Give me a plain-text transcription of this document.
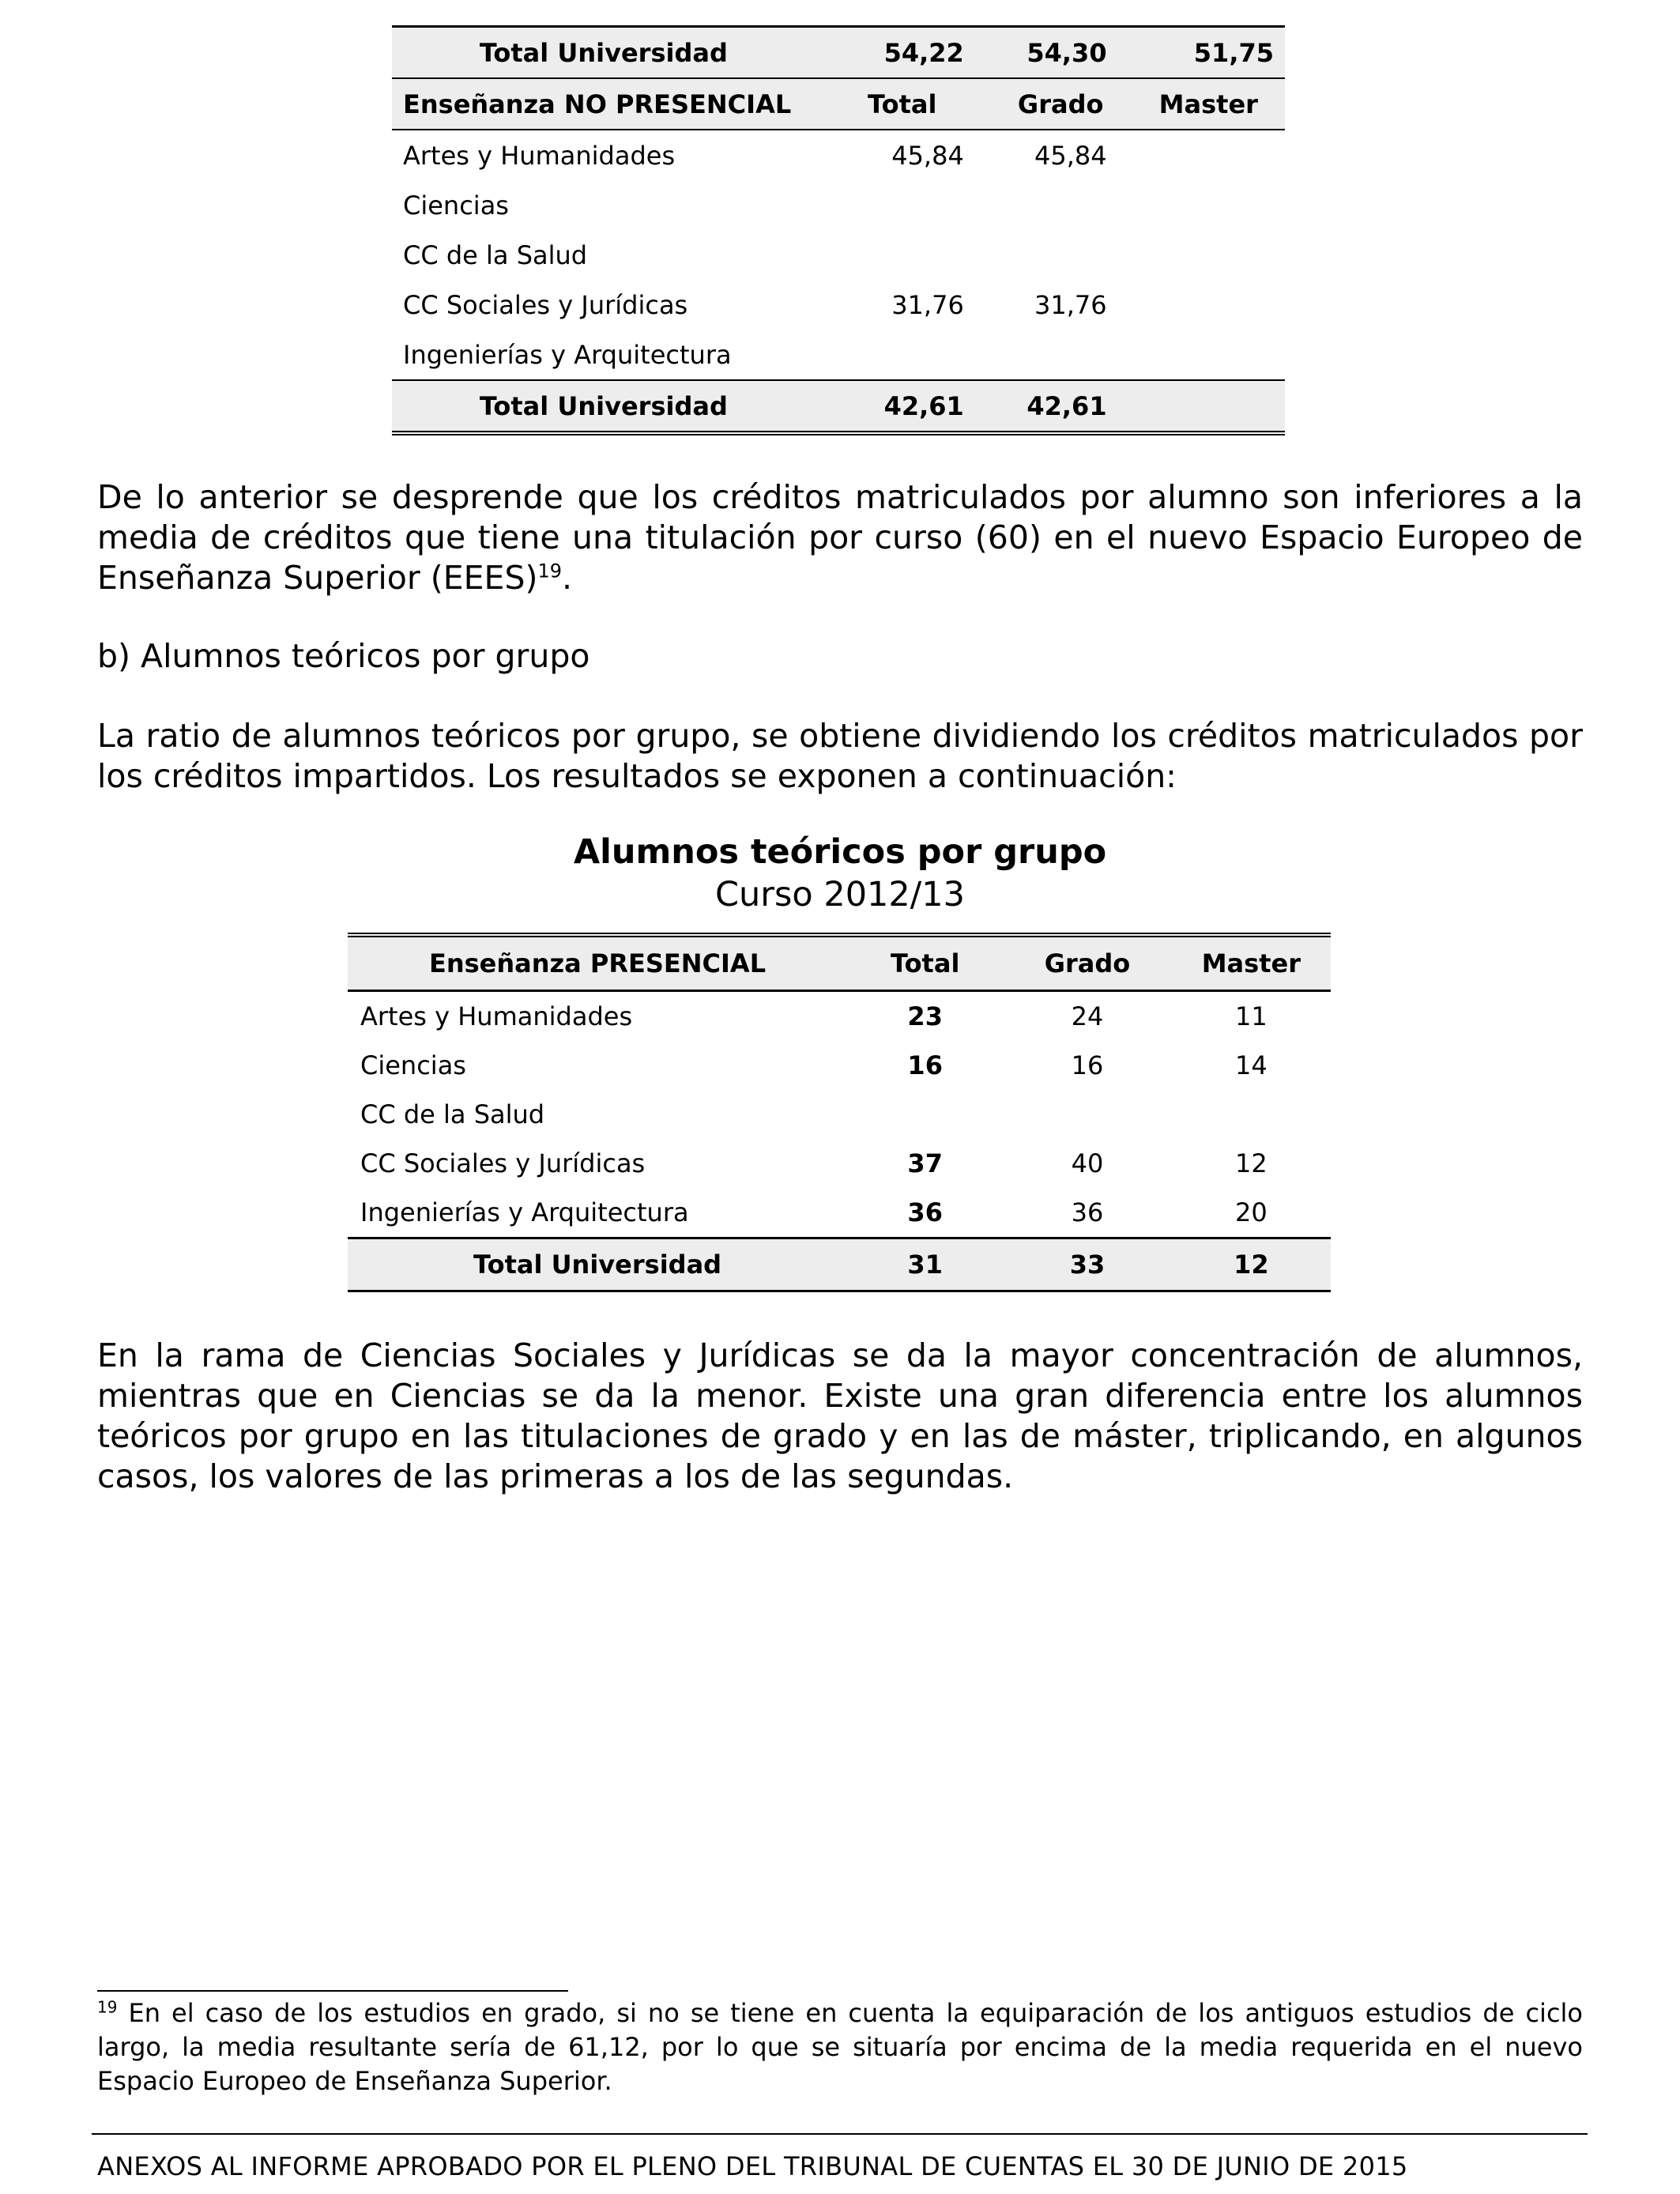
Total Universidad	54,22	54,30	51,75
Enseñanza NO PRESENCIAL	Total	Grado	Master
Artes y Humanidades	45,84	45,84	
Ciencias			
CC de la Salud			
CC Sociales y Jurídicas	31,76	31,76	
Ingenierías y Arquitectura			
Total Universidad	42,61	42,61	

De lo anterior se desprende que los créditos matriculados por alumno son inferiores a la media de créditos que tiene una titulación por curso (60) en el nuevo Espacio Europeo de Enseñanza Superior (EEES)$^{19}$.

b) Alumnos teóricos por grupo

La ratio de alumnos teóricos por grupo, se obtiene dividiendo los créditos matriculados por los créditos impartidos. Los resultados se exponen a continuación:

Alumnos teóricos por grupo
Curso 2012/13
Enseñanza PRESENCIAL	Total	Grado	Master
Artes y Humanidades	23	24	11
Ciencias	16	16	14
CC de la Salud			
CC Sociales y Jurídicas	37	40	12
Ingenierías y Arquitectura	36	36	20
Total Universidad	31	33	12

En la rama de Ciencias Sociales y Jurídicas se da la mayor concentración de alumnos, mientras que en Ciencias se da la menor. Existe una gran diferencia entre los alumnos teóricos por grupo en las titulaciones de grado y en las de máster, triplicando, en algunos casos, los valores de las primeras a los de las segundas.

$^{19}$ En el caso de los estudios en grado, si no se tiene en cuenta la equiparación de los antiguos estudios de ciclo largo, la media resultante sería de 61,12, por lo que se situaría por encima de la media requerida en el nuevo Espacio Europeo de Enseñanza Superior.

ANEXOS AL INFORME APROBADO POR EL PLENO DEL TRIBUNAL DE CUENTAS EL 30 DE JUNIO DE 2015
